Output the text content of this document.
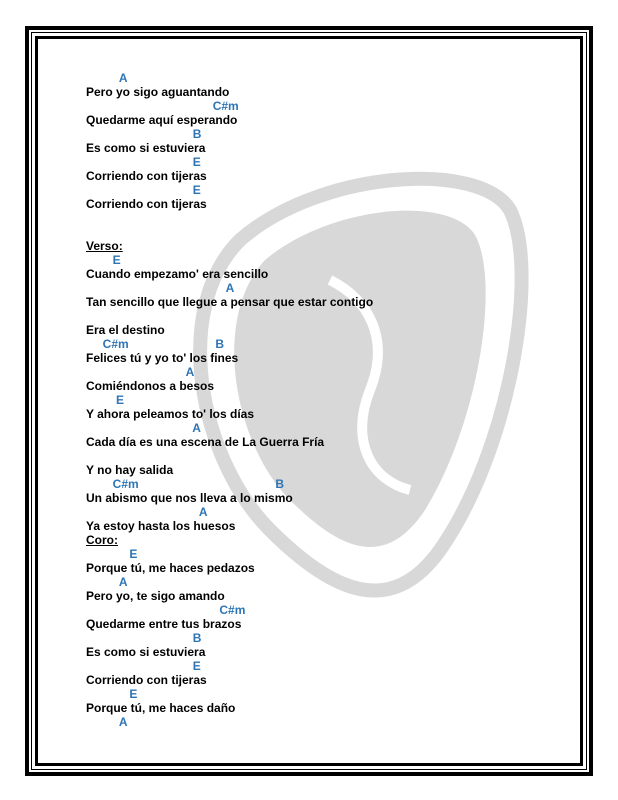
A
Pero yo sigo aguantando
C#m
Quedarme aquí esperando
B
Es como si estuviera
E
Corriendo con tijeras
E
Corriendo con tijeras
Verso:
E
Cuando empezamo' era sencillo
A
Tan sencillo que llegue a pensar que estar contigo
Era el destino
C#m                          B
Felices tú y yo to' los fines
A
Comiéndonos a besos
E
Y ahora peleamos to' los días
A
Cada día es una escena de La Guerra Fría
Y no hay salida
C#m                                         B
Un abismo que nos lleva a lo mismo
A
Ya estoy hasta los huesos
Coro:
E
Porque tú, me haces pedazos
A
Pero yo, te sigo amando
C#m
Quedarme entre tus brazos
B
Es como si estuviera
E
Corriendo con tijeras
E
Porque tú, me haces daño
A
